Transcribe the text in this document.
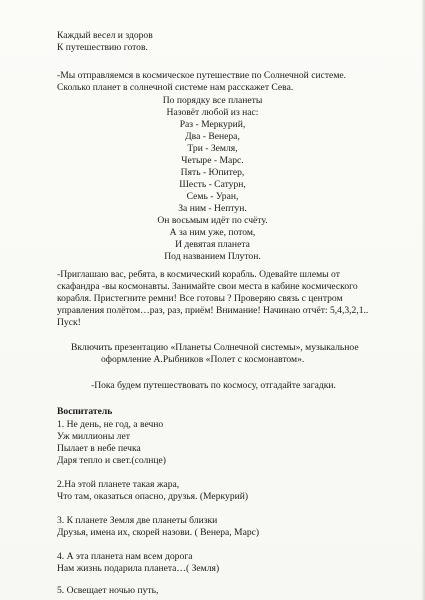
Каждый весел и здоров
К путешествию готов.
-Мы отправляемся в космическое путешествие по Солнечной системе.
Сколько планет в солнечной системе нам расскажет Сева.
По порядку все планеты
Назовёт любой из нас:
Раз - Меркурий,
Два - Венера,
Три - Земля,
Четыре - Марс.
Пять - Юпитер,
Шесть - Сатурн,
Семь - Уран,
За ним - Нептун.
Он восьмым идёт по счёту.
А за ним уже, потом,
И девятая планета
Под названием Плутон.
-Приглашаю вас, ребята, в космический корабль. Одевайте шлемы от
скафандра -вы космонавты. Занимайте свои места в кабине космического
корабля. Пристегните ремни! Все готовы ? Проверяю связь с центром
управления полётом…раз, раз, приём! Внимание! Начинаю отчёт: 5,4,3,2,1..
Пуск!
Включить презентацию «Планеты Солнечной системы», музыкальное
оформление А.Рыбников «Полет с космонавтом».
-Пока будем путешествовать по космосу, отгадайте загадки.
Воспитатель
1. Не день, не год, а вечно
Уж миллионы лет
Пылает в небе печка
Даря тепло и свет.(солнце)
2.На этой планете такая жара,
Что там, оказаться опасно, друзья. (Меркурий)
3. К планете Земля две планеты близки
Друзья, имена их, скорей назови. ( Венера, Марс)
4. А эта планета нам всем дорога
Нам жизнь подарила планета…( Земля)
5. Освещает ночью путь,
